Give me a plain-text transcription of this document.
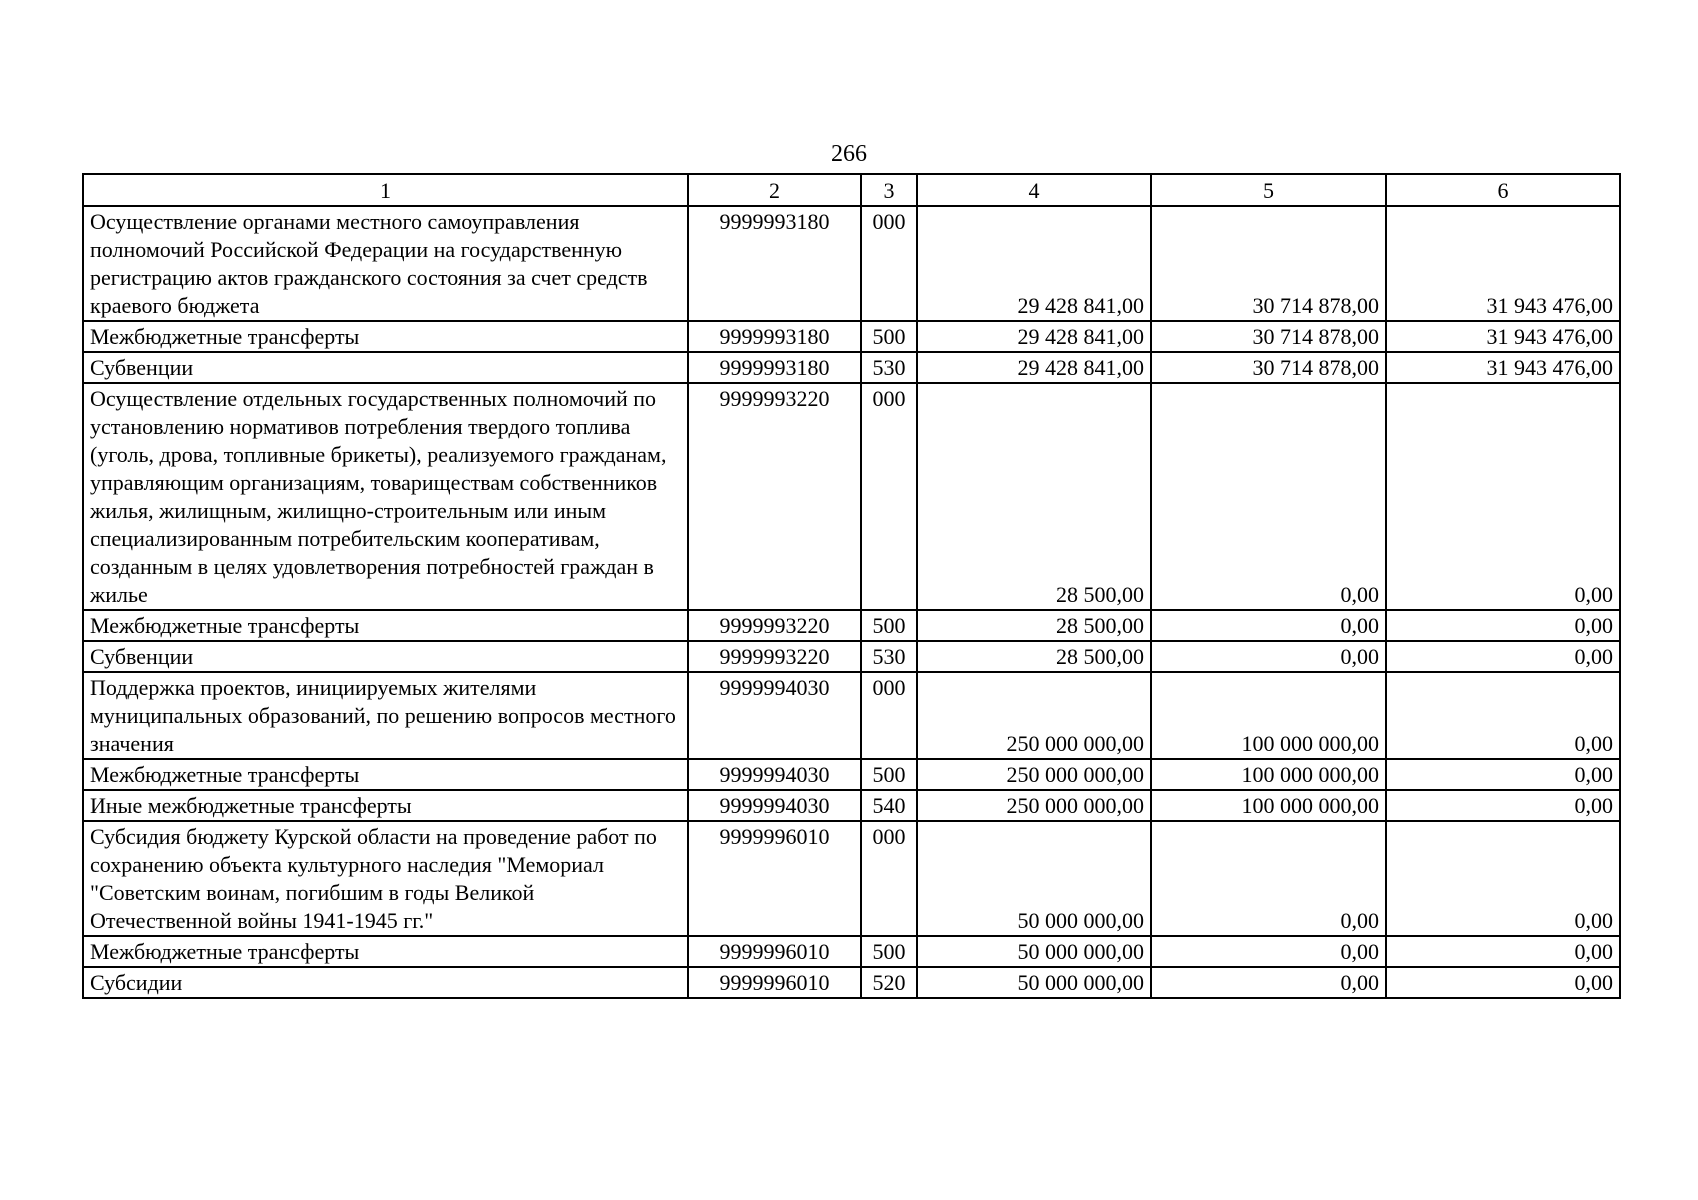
266
1	2	3	4	5	6
Осуществление органами местного самоуправления полномочий Российской Федерации на государственную регистрацию актов гражданского состояния за счет средств краевого бюджета	9999993180	000	29 428 841,00	30 714 878,00	31 943 476,00
Межбюджетные трансферты	9999993180	500	29 428 841,00	30 714 878,00	31 943 476,00
Субвенции	9999993180	530	29 428 841,00	30 714 878,00	31 943 476,00
Осуществление отдельных государственных полномочий по установлению нормативов потребления твердого топлива (уголь, дрова, топливные брикеты), реализуемого гражданам, управляющим организациям, товариществам собственников жилья, жилищным, жилищно-строительным или иным специализированным потребительским кооперативам, созданным в целях удовлетворения потребностей граждан в жилье	9999993220	000	28 500,00	0,00	0,00
Межбюджетные трансферты	9999993220	500	28 500,00	0,00	0,00
Субвенции	9999993220	530	28 500,00	0,00	0,00
Поддержка проектов, инициируемых жителями муниципальных образований, по решению вопросов местного значения	9999994030	000	250 000 000,00	100 000 000,00	0,00
Межбюджетные трансферты	9999994030	500	250 000 000,00	100 000 000,00	0,00
Иные межбюджетные трансферты	9999994030	540	250 000 000,00	100 000 000,00	0,00
Субсидия бюджету Курской области на проведение работ по сохранению объекта культурного наследия "Мемориал "Советским воинам, погибшим в годы Великой Отечественной войны 1941-1945 гг."	9999996010	000	50 000 000,00	0,00	0,00
Межбюджетные трансферты	9999996010	500	50 000 000,00	0,00	0,00
Субсидии	9999996010	520	50 000 000,00	0,00	0,00
